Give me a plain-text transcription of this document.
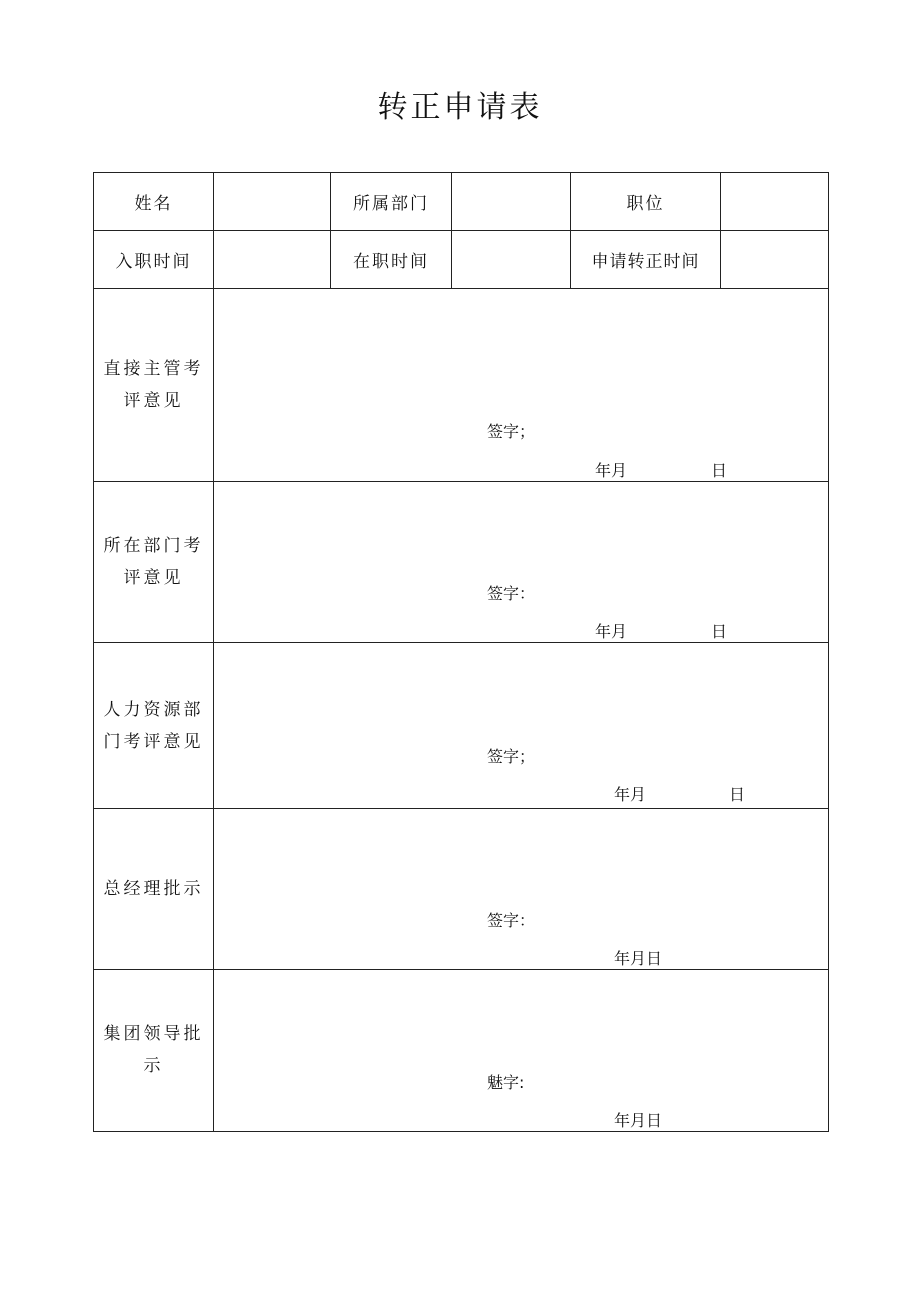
转正申请表
姓名		所属部门		职位	
入职时间		在职时间		申请转正时间	
直接主管考评意见	签字；
年月 日				

所在部门考评意见	签字：
年月 日				

人力资源部门考评意见	签字；
年月 日				

总经理批示	签字：
年月日				

集团领导批示	魅字:
年月日				
